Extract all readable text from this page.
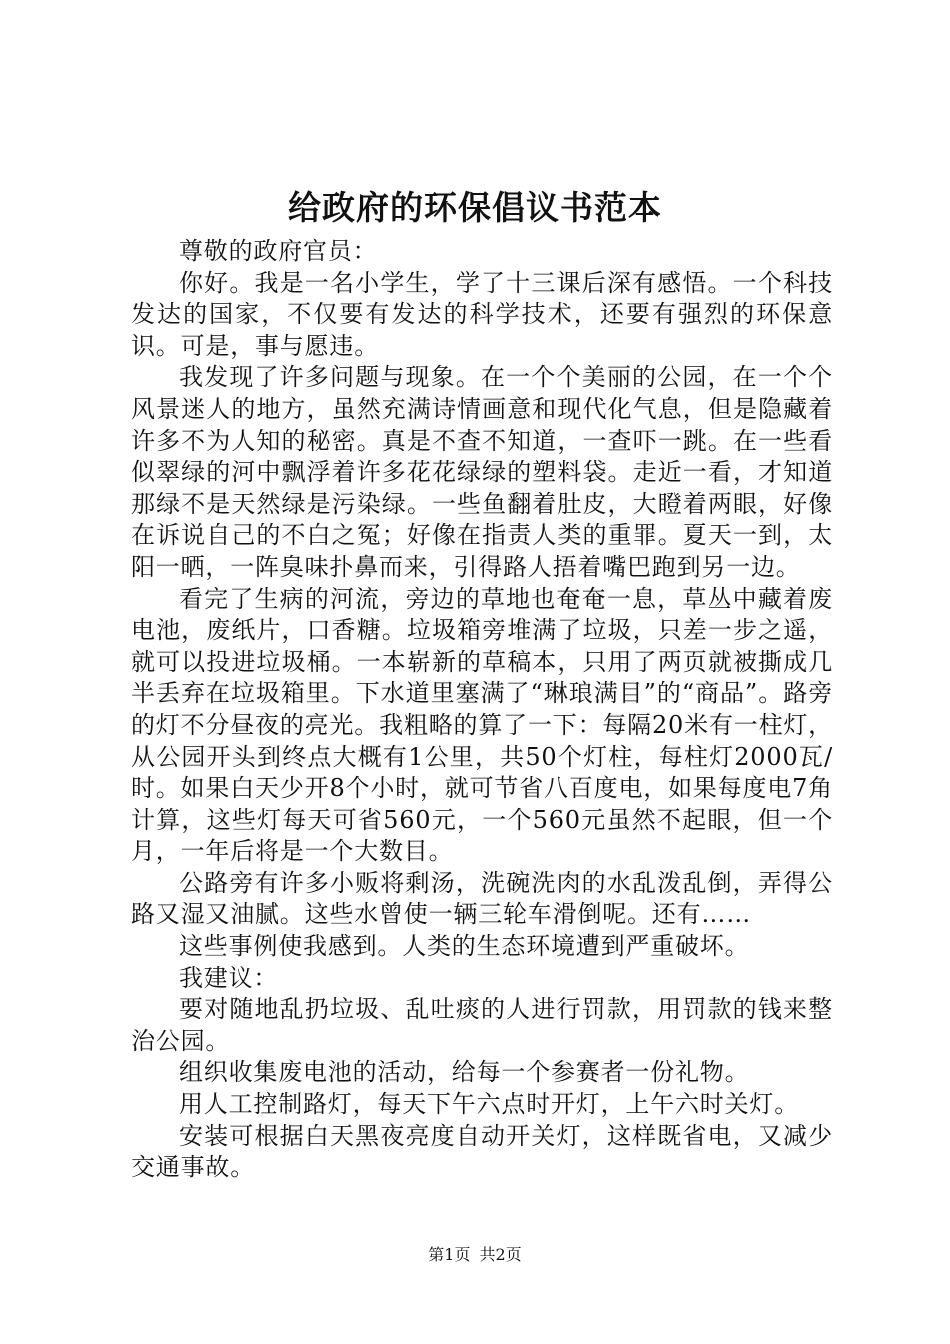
给政府的环保倡议书范本

尊敬的政府官员：

你好。我是一名小学生，学了十三课后深有感悟。一个科技发达的国家，不仅要有发达的科学技术，还要有强烈的环保意识。可是，事与愿违。

我发现了许多问题与现象。在一个个美丽的公园，在一个个风景迷人的地方，虽然充满诗情画意和现代化气息，但是隐藏着许多不为人知的秘密。真是不查不知道，一查吓一跳。在一些看似翠绿的河中飘浮着许多花花绿绿的塑料袋。走近一看，才知道那绿不是天然绿是污染绿。一些鱼翻着肚皮，大瞪着两眼，好像在诉说自己的不白之冤；好像在指责人类的重罪。夏天一到，太阳一晒，一阵臭味扑鼻而来，引得路人捂着嘴巴跑到另一边。

看完了生病的河流，旁边的草地也奄奄一息，草丛中藏着废电池，废纸片，口香糖。垃圾箱旁堆满了垃圾，只差一步之遥，就可以投进垃圾桶。一本崭新的草稿本，只用了两页就被撕成几半丢弃在垃圾箱里。下水道里塞满了“琳琅满目”的“商品”。路旁的灯不分昼夜的亮光。我粗略的算了一下：每隔20米有一柱灯，从公园开头到终点大概有1公里，共50个灯柱，每柱灯2000瓦/时。如果白天少开8个小时，就可节省八百度电，如果每度电7角计算，这些灯每天可省560元，一个560元虽然不起眼，但一个月，一年后将是一个大数目。

公路旁有许多小贩将剩汤，洗碗洗肉的水乱泼乱倒，弄得公路又湿又油腻。这些水曾使一辆三轮车滑倒呢。还有……

这些事例使我感到。人类的生态环境遭到严重破坏。

我建议：

要对随地乱扔垃圾、乱吐痰的人进行罚款，用罚款的钱来整治公园。

组织收集废电池的活动，给每一个参赛者一份礼物。

用人工控制路灯，每天下午六点时开灯，上午六时关灯。

安装可根据白天黑夜亮度自动开关灯，这样既省电，又减少交通事故。

第1页 共2页
